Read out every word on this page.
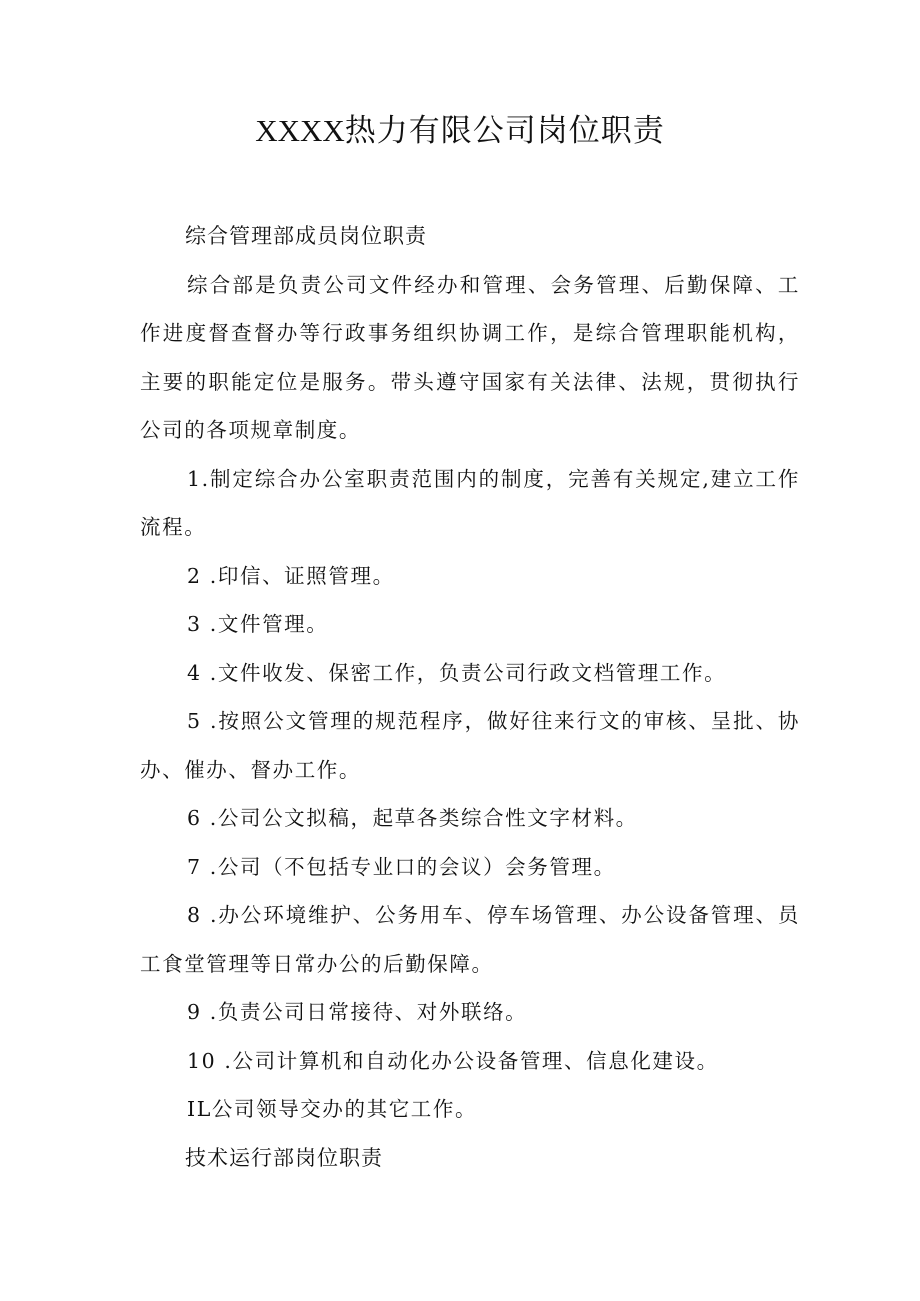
XXXX热力有限公司岗位职责
综合管理部成员岗位职责

综合部是负责公司文件经办和管理、会务管理、后勤保障、工作进度督查督办等行政事务组织协调工作，是综合管理职能机构，主要的职能定位是服务。带头遵守国家有关法律、法规，贯彻执行公司的各项规章制度。

1.制定综合办公室职责范围内的制度，完善有关规定,建立工作流程。

2 .印信、证照管理。

3 .文件管理。

4 .文件收发、保密工作，负责公司行政文档管理工作。

5 .按照公文管理的规范程序，做好往来行文的审核、呈批、协办、催办、督办工作。

6 .公司公文拟稿，起草各类综合性文字材料。

7 .公司（不包括专业口的会议）会务管理。

8 .办公环境维护、公务用车、停车场管理、办公设备管理、员工食堂管理等日常办公的后勤保障。

9 .负责公司日常接待、对外联络。

10 .公司计算机和自动化办公设备管理、信息化建设。

IL公司领导交办的其它工作。

技术运行部岗位职责
